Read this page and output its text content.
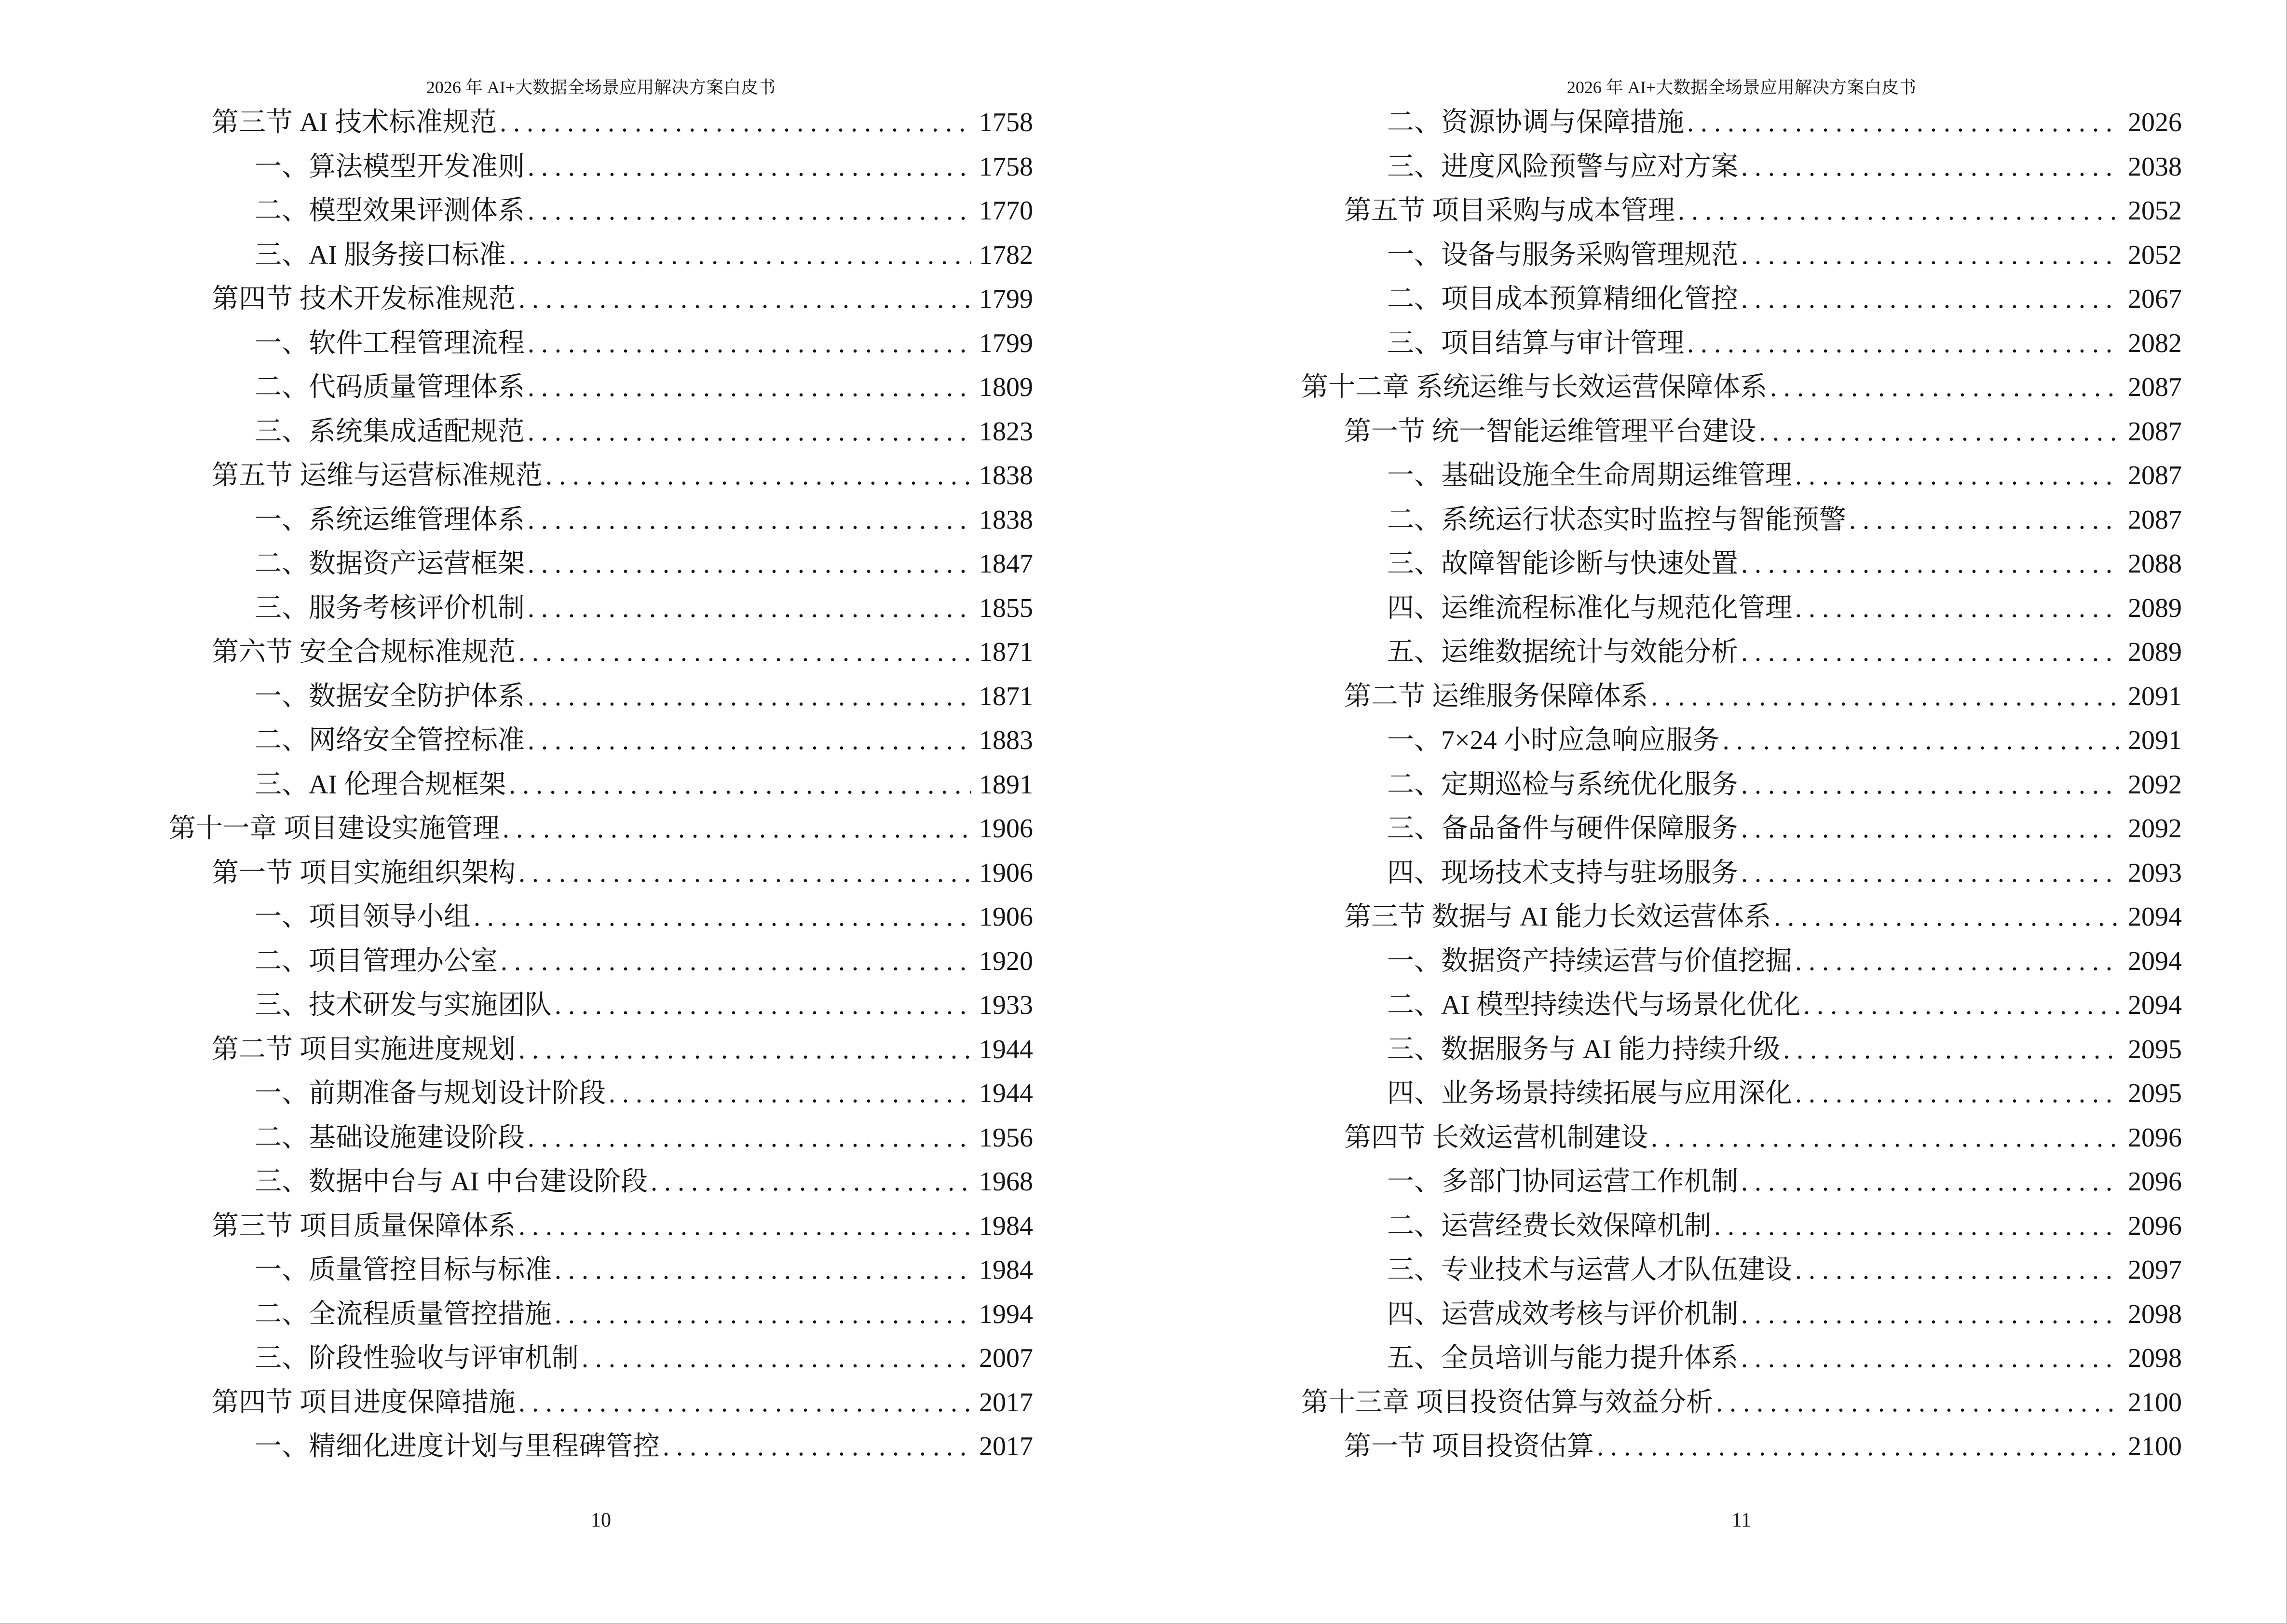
2026 年 AI+大数据全场景应用解决方案白皮书
第三节 AI 技术标准规范 . . .	1758
一、算法模型开发准则 . . .	1758
二、模型效果评测体系 . . .	1770
三、AI 服务接口标准 . . .	1782
第四节 技术开发标准规范 . . .	1799
一、软件工程管理流程 . . .	1799
二、代码质量管理体系 . . .	1809
三、系统集成适配规范 . . .	1823
第五节 运维与运营标准规范 . . .	1838
一、系统运维管理体系 . . .	1838
二、数据资产运营框架 . . .	1847
三、服务考核评价机制 . . .	1855
第六节 安全合规标准规范 . . .	1871
一、数据安全防护体系 . . .	1871
二、网络安全管控标准 . . .	1883
三、AI 伦理合规框架 . . .	1891
第十一章 项目建设实施管理 . . .	1906
第一节 项目实施组织架构 . . .	1906
一、项目领导小组 . . .	1906
二、项目管理办公室 . . .	1920
三、技术研发与实施团队 . . .	1933
第二节 项目实施进度规划 . . .	1944
一、前期准备与规划设计阶段 . . .	1944
二、基础设施建设阶段 . . .	1956
三、数据中台与 AI 中台建设阶段 . . .	1968
第三节 项目质量保障体系 . . .	1984
一、质量管控目标与标准 . . .	1984
二、全流程质量管控措施 . . .	1994
三、阶段性验收与评审机制 . . .	2007
第四节 项目进度保障措施 . . .	2017
一、精细化进度计划与里程碑管控 . . .	2017
10
2026 年 AI+大数据全场景应用解决方案白皮书
二、资源协调与保障措施 . . .	2026
三、进度风险预警与应对方案 . . .	2038
第五节 项目采购与成本管理 . . .	2052
一、设备与服务采购管理规范 . . .	2052
二、项目成本预算精细化管控 . . .	2067
三、项目结算与审计管理 . . .	2082
第十二章 系统运维与长效运营保障体系 . . .	2087
第一节 统一智能运维管理平台建设 . . .	2087
一、基础设施全生命周期运维管理 . . .	2087
二、系统运行状态实时监控与智能预警 . . .	2087
三、故障智能诊断与快速处置 . . .	2088
四、运维流程标准化与规范化管理 . . .	2089
五、运维数据统计与效能分析 . . .	2089
第二节 运维服务保障体系 . . .	2091
一、7×24 小时应急响应服务 . . .	2091
二、定期巡检与系统优化服务 . . .	2092
三、备品备件与硬件保障服务 . . .	2092
四、现场技术支持与驻场服务 . . .	2093
第三节 数据与 AI 能力长效运营体系 . . .	2094
一、数据资产持续运营与价值挖掘 . . .	2094
二、AI 模型持续迭代与场景化优化 . . .	2094
三、数据服务与 AI 能力持续升级 . . .	2095
四、业务场景持续拓展与应用深化 . . .	2095
第四节 长效运营机制建设 . . .	2096
一、多部门协同运营工作机制 . . .	2096
二、运营经费长效保障机制 . . .	2096
三、专业技术与运营人才队伍建设 . . .	2097
四、运营成效考核与评价机制 . . .	2098
五、全员培训与能力提升体系 . . .	2098
第十三章 项目投资估算与效益分析 . . .	2100
第一节 项目投资估算 . . .	2100
11
